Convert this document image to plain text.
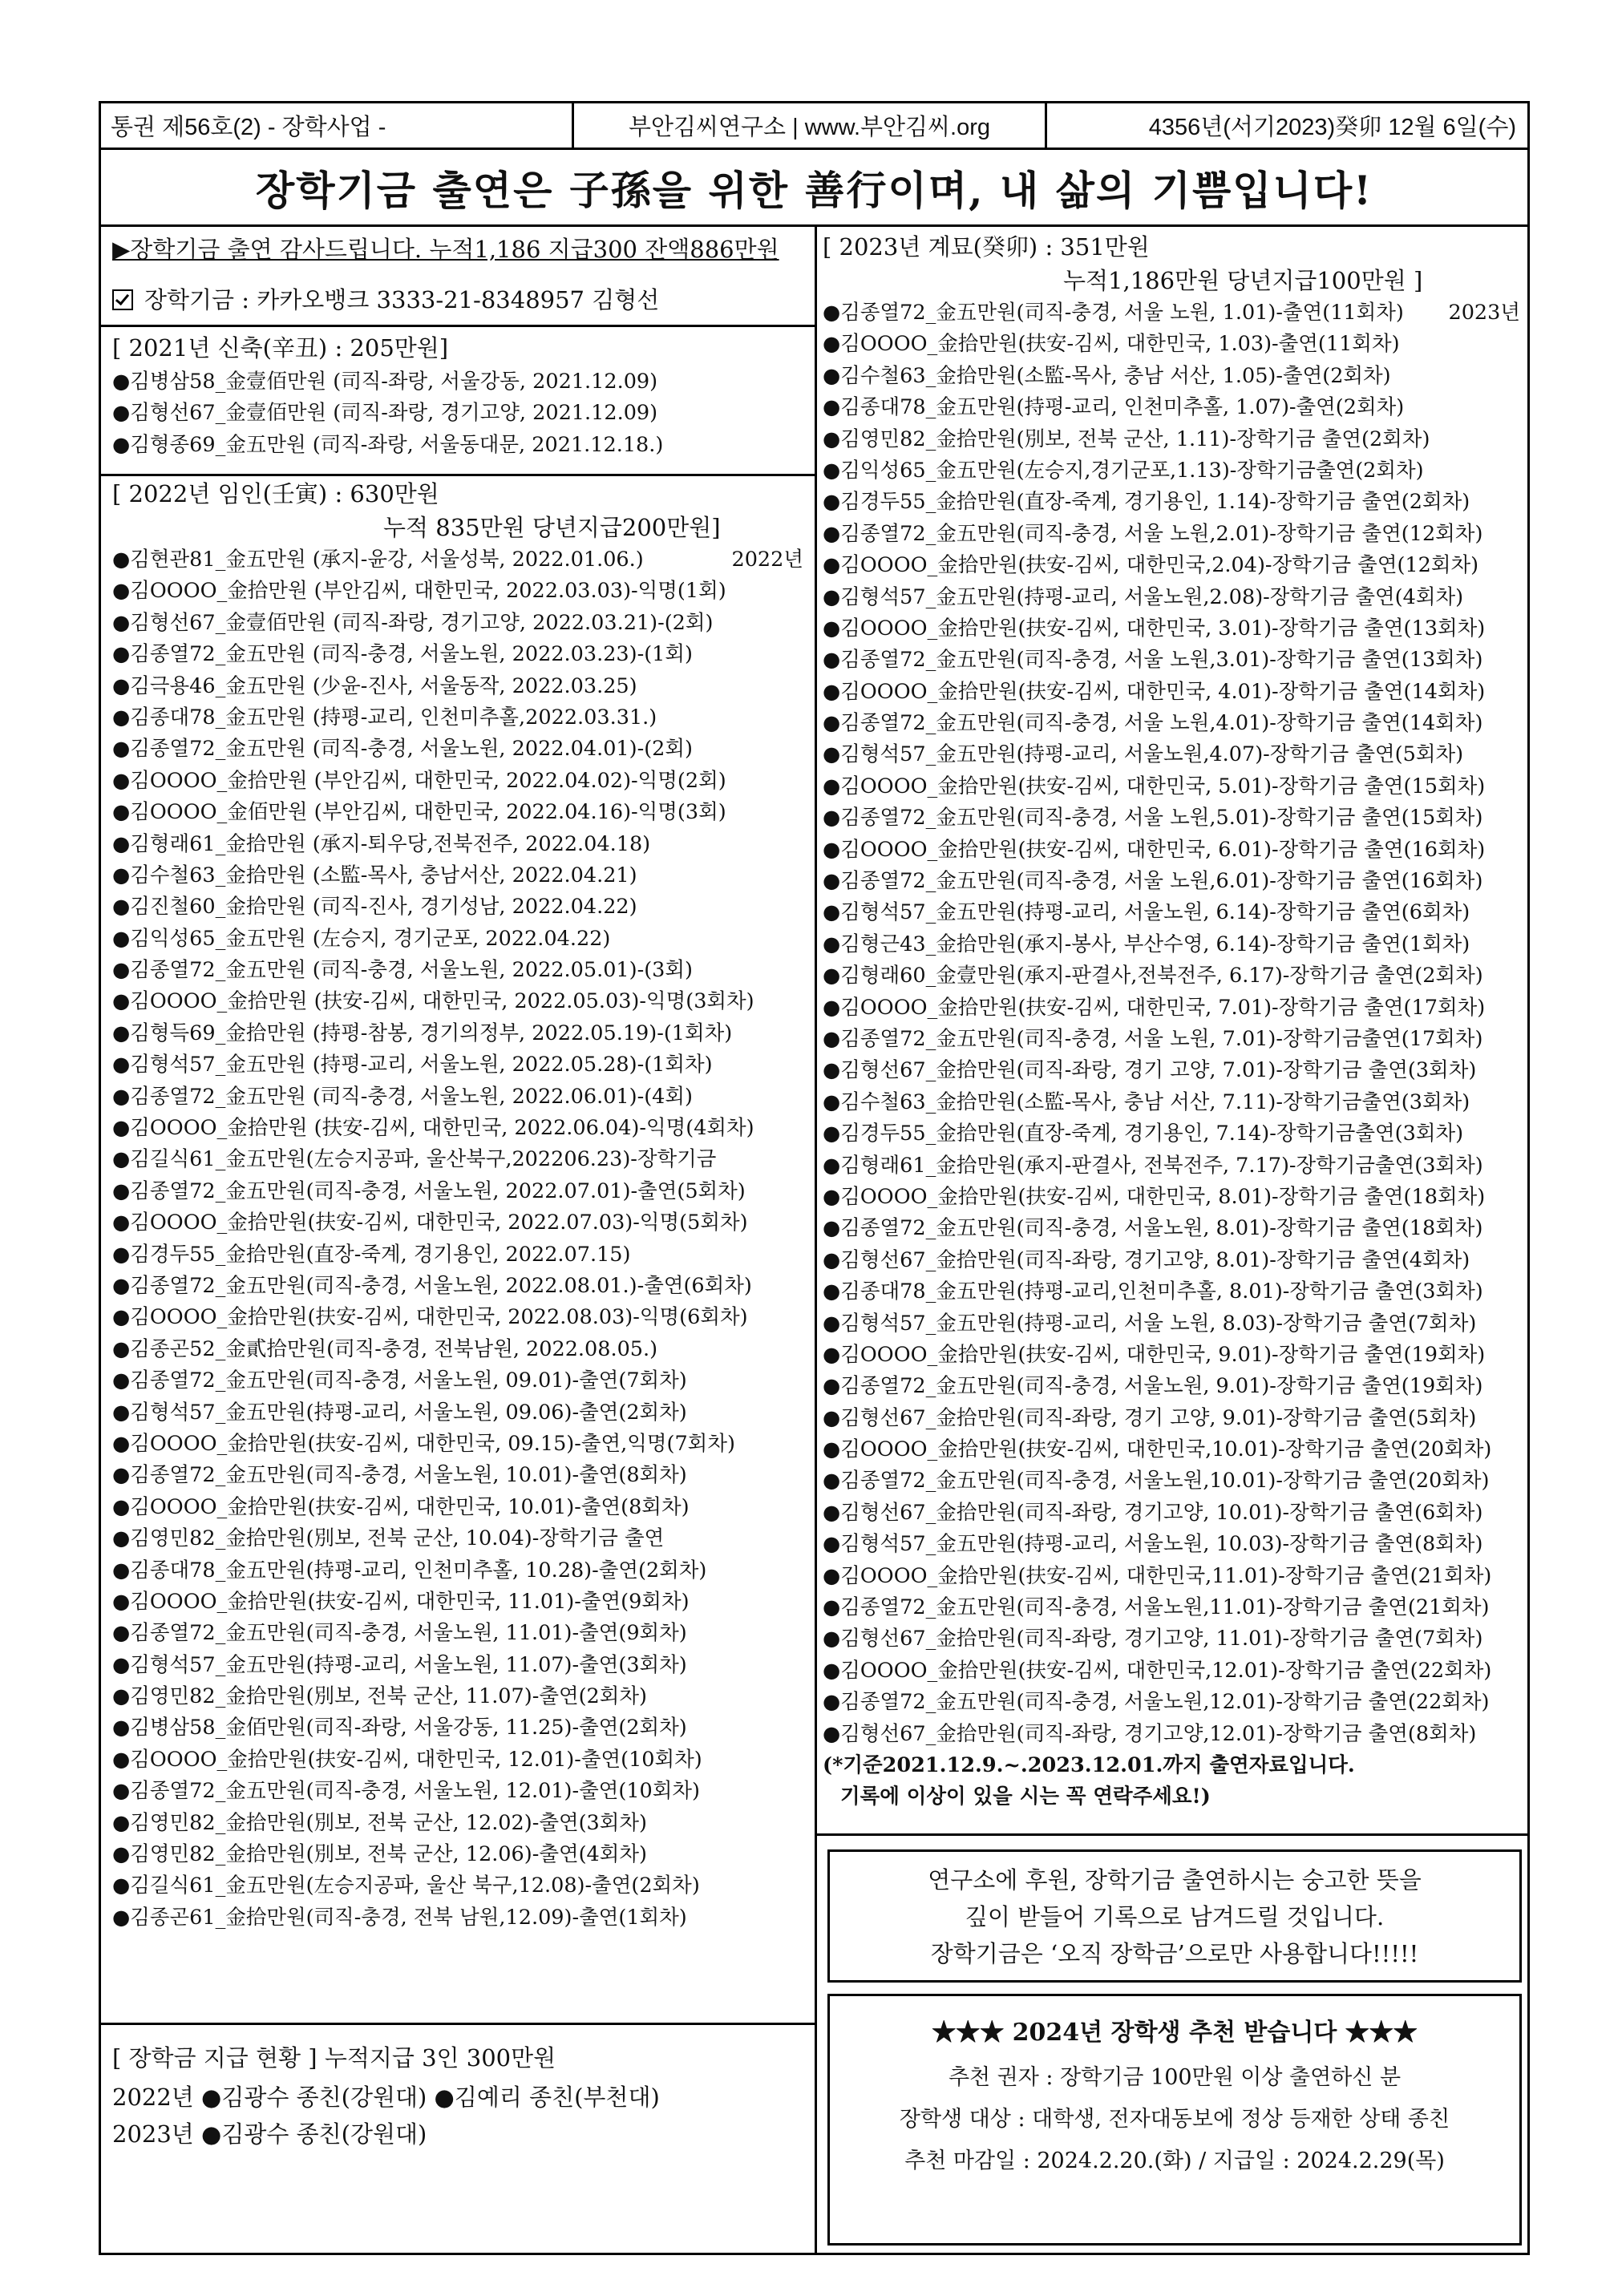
통권 제56호(2) - 장학사업 -	부안김씨연구소 | www.부안김씨.org	4356년(서기2023)癸卯 12월 6일(수)
장학기금 출연은 子孫을 위한 善行이며, 내 삶의 기쁨입니다!
▶장학기금 출연 감사드립니다. 누적1,186 지급300 잔액886만원
장학기금 : 카카오뱅크 3333-21-8348957 김형선
[ 2021년 신축(辛丑) : 205만원]
●김병삼58_金壹佰만원 (司직-좌랑, 서울강동, 2021.12.09)
●김형선67_金壹佰만원 (司직-좌랑, 경기고양, 2021.12.09)
●김형종69_金五만원 (司직-좌랑, 서울동대문, 2021.12.18.)
[ 2022년 임인(壬寅) : 630만원
누적 835만원 당년지급200만원]
2022년
●김현관81_金五만원 (承지-윤강, 서울성북, 2022.01.06.)
●김OOOO_金拾만원 (부안김씨, 대한민국, 2022.03.03)-익명(1회)
●김형선67_金壹佰만원 (司직-좌랑, 경기고양, 2022.03.21)-(2회)
●김종열72_金五만원 (司직-충경, 서울노원, 2022.03.23)-(1회)
●김극용46_金五만원 (少윤-진사, 서울동작, 2022.03.25)
●김종대78_金五만원 (持평-교리, 인천미추홀,2022.03.31.)
●김종열72_金五만원 (司직-충경, 서울노원, 2022.04.01)-(2회)
●김OOOO_金拾만원 (부안김씨, 대한민국, 2022.04.02)-익명(2회)
●김OOOO_金佰만원 (부안김씨, 대한민국, 2022.04.16)-익명(3회)
●김형래61_金拾만원 (承지-퇴우당,전북전주, 2022.04.18)
●김수철63_金拾만원 (소監-목사, 충남서산, 2022.04.21)
●김진철60_金拾만원 (司직-진사, 경기성남, 2022.04.22)
●김익성65_金五만원 (左승지, 경기군포, 2022.04.22)
●김종열72_金五만원 (司직-충경, 서울노원, 2022.05.01)-(3회)
●김OOOO_金拾만원 (扶安-김씨, 대한민국, 2022.05.03)-익명(3회차)
●김형득69_金拾만원 (持평-참봉, 경기의정부, 2022.05.19)-(1회차)
●김형석57_金五만원 (持평-교리, 서울노원, 2022.05.28)-(1회차)
●김종열72_金五만원 (司직-충경, 서울노원, 2022.06.01)-(4회)
●김OOOO_金拾만원 (扶安-김씨, 대한민국, 2022.06.04)-익명(4회차)
●김길식61_金五만원(左승지공파, 울산북구,202206.23)-장학기금
●김종열72_金五만원(司직-충경, 서울노원, 2022.07.01)-출연(5회차)
●김OOOO_金拾만원(扶安-김씨, 대한민국, 2022.07.03)-익명(5회차)
●김경두55_金拾만원(直장-죽계, 경기용인, 2022.07.15)
●김종열72_金五만원(司직-충경, 서울노원, 2022.08.01.)-출연(6회차)
●김OOOO_金拾만원(扶安-김씨, 대한민국, 2022.08.03)-익명(6회차)
●김종곤52_金貳拾만원(司직-충경, 전북남원, 2022.08.05.)
●김종열72_金五만원(司직-충경, 서울노원, 09.01)-출연(7회차)
●김형석57_金五만원(持평-교리, 서울노원, 09.06)-출연(2회차)
●김OOOO_金拾만원(扶安-김씨, 대한민국, 09.15)-출연,익명(7회차)
●김종열72_金五만원(司직-충경, 서울노원, 10.01)-출연(8회차)
●김OOOO_金拾만원(扶安-김씨, 대한민국, 10.01)-출연(8회차)
●김영민82_金拾만원(別보, 전북 군산, 10.04)-장학기금 출연
●김종대78_金五만원(持평-교리, 인천미추홀, 10.28)-출연(2회차)
●김OOOO_金拾만원(扶安-김씨, 대한민국, 11.01)-출연(9회차)
●김종열72_金五만원(司직-충경, 서울노원, 11.01)-출연(9회차)
●김형석57_金五만원(持평-교리, 서울노원, 11.07)-출연(3회차)
●김영민82_金拾만원(別보, 전북 군산, 11.07)-출연(2회차)
●김병삼58_金佰만원(司직-좌랑, 서울강동, 11.25)-출연(2회차)
●김OOOO_金拾만원(扶安-김씨, 대한민국, 12.01)-출연(10회차)
●김종열72_金五만원(司직-충경, 서울노원, 12.01)-출연(10회차)
●김영민82_金拾만원(別보, 전북 군산, 12.02)-출연(3회차)
●김영민82_金拾만원(別보, 전북 군산, 12.06)-출연(4회차)
●김길식61_金五만원(左승지공파, 울산 북구,12.08)-출연(2회차)
●김종곤61_金拾만원(司직-충경, 전북 남원,12.09)-출연(1회차)
[ 장학금 지급 현황 ] 누적지급 3인 300만원
2022년 ●김광수 종친(강원대) ●김예리 종친(부천대)
2023년 ●김광수 종친(강원대)
[ 2023년 계묘(癸卯) : 351만원
누적1,186만원 당년지급100만원 ]
2023년
●김종열72_金五만원(司직-충경, 서울 노원, 1.01)-출연(11회차)
●김OOOO_金拾만원(扶安-김씨, 대한민국, 1.03)-출연(11회차)
●김수철63_金拾만원(소監-목사, 충남 서산, 1.05)-출연(2회차)
●김종대78_金五만원(持평-교리, 인천미추홀, 1.07)-출연(2회차)
●김영민82_金拾만원(別보, 전북 군산, 1.11)-장학기금 출연(2회차)
●김익성65_金五만원(左승지,경기군포,1.13)-장학기금출연(2회차)
●김경두55_金拾만원(直장-죽계, 경기용인, 1.14)-장학기금 출연(2회차)
●김종열72_金五만원(司직-충경, 서울 노원,2.01)-장학기금 출연(12회차)
●김OOOO_金拾만원(扶安-김씨, 대한민국,2.04)-장학기금 출연(12회차)
●김형석57_金五만원(持평-교리, 서울노원,2.08)-장학기금 출연(4회차)
●김OOOO_金拾만원(扶安-김씨, 대한민국, 3.01)-장학기금 출연(13회차)
●김종열72_金五만원(司직-충경, 서울 노원,3.01)-장학기금 출연(13회차)
●김OOOO_金拾만원(扶安-김씨, 대한민국, 4.01)-장학기금 출연(14회차)
●김종열72_金五만원(司직-충경, 서울 노원,4.01)-장학기금 출연(14회차)
●김형석57_金五만원(持평-교리, 서울노원,4.07)-장학기금 출연(5회차)
●김OOOO_金拾만원(扶安-김씨, 대한민국, 5.01)-장학기금 출연(15회차)
●김종열72_金五만원(司직-충경, 서울 노원,5.01)-장학기금 출연(15회차)
●김OOOO_金拾만원(扶安-김씨, 대한민국, 6.01)-장학기금 출연(16회차)
●김종열72_金五만원(司직-충경, 서울 노원,6.01)-장학기금 출연(16회차)
●김형석57_金五만원(持평-교리, 서울노원, 6.14)-장학기금 출연(6회차)
●김형근43_金拾만원(承지-봉사, 부산수영, 6.14)-장학기금 출연(1회차)
●김형래60_金壹만원(承지-판결사,전북전주, 6.17)-장학기금 출연(2회차)
●김OOOO_金拾만원(扶安-김씨, 대한민국, 7.01)-장학기금 출연(17회차)
●김종열72_金五만원(司직-충경, 서울 노원, 7.01)-장학기금출연(17회차)
●김형선67_金拾만원(司직-좌랑, 경기 고양, 7.01)-장학기금 출연(3회차)
●김수철63_金拾만원(소監-목사, 충남 서산, 7.11)-장학기금출연(3회차)
●김경두55_金拾만원(直장-죽계, 경기용인, 7.14)-장학기금출연(3회차)
●김형래61_金拾만원(承지-판결사, 전북전주, 7.17)-장학기금출연(3회차)
●김OOOO_金拾만원(扶安-김씨, 대한민국, 8.01)-장학기금 출연(18회차)
●김종열72_金五만원(司직-충경, 서울노원, 8.01)-장학기금 출연(18회차)
●김형선67_金拾만원(司직-좌랑, 경기고양, 8.01)-장학기금 출연(4회차)
●김종대78_金五만원(持평-교리,인천미추홀, 8.01)-장학기금 출연(3회차)
●김형석57_金五만원(持평-교리, 서울 노원, 8.03)-장학기금 출연(7회차)
●김OOOO_金拾만원(扶安-김씨, 대한민국, 9.01)-장학기금 출연(19회차)
●김종열72_金五만원(司직-충경, 서울노원, 9.01)-장학기금 출연(19회차)
●김형선67_金拾만원(司직-좌랑, 경기 고양, 9.01)-장학기금 출연(5회차)
●김OOOO_金拾만원(扶安-김씨, 대한민국,10.01)-장학기금 출연(20회차)
●김종열72_金五만원(司직-충경, 서울노원,10.01)-장학기금 출연(20회차)
●김형선67_金拾만원(司직-좌랑, 경기고양, 10.01)-장학기금 출연(6회차)
●김형석57_金五만원(持평-교리, 서울노원, 10.03)-장학기금 출연(8회차)
●김OOOO_金拾만원(扶安-김씨, 대한민국,11.01)-장학기금 출연(21회차)
●김종열72_金五만원(司직-충경, 서울노원,11.01)-장학기금 출연(21회차)
●김형선67_金拾만원(司직-좌랑, 경기고양, 11.01)-장학기금 출연(7회차)
●김OOOO_金拾만원(扶安-김씨, 대한민국,12.01)-장학기금 출연(22회차)
●김종열72_金五만원(司직-충경, 서울노원,12.01)-장학기금 출연(22회차)
●김형선67_金拾만원(司직-좌랑, 경기고양,12.01)-장학기금 출연(8회차)
(*기준2021.12.9.~.2023.12.01.까지 출연자료입니다.
기록에 이상이 있을 시는 꼭 연락주세요!)
연구소에 후원, 장학기금 출연하시는 숭고한 뜻을
깊이 받들어 기록으로 남겨드릴 것입니다.
장학기금은 ‘오직 장학금’으로만 사용합니다!!!!!
★★★ 2024년 장학생 추천 받습니다 ★★★
추천 권자 : 장학기금 100만원 이상 출연하신 분
장학생 대상 : 대학생, 전자대동보에 정상 등재한 상태 종친
추천 마감일 : 2024.2.20.(화) / 지급일 : 2024.2.29(목)
